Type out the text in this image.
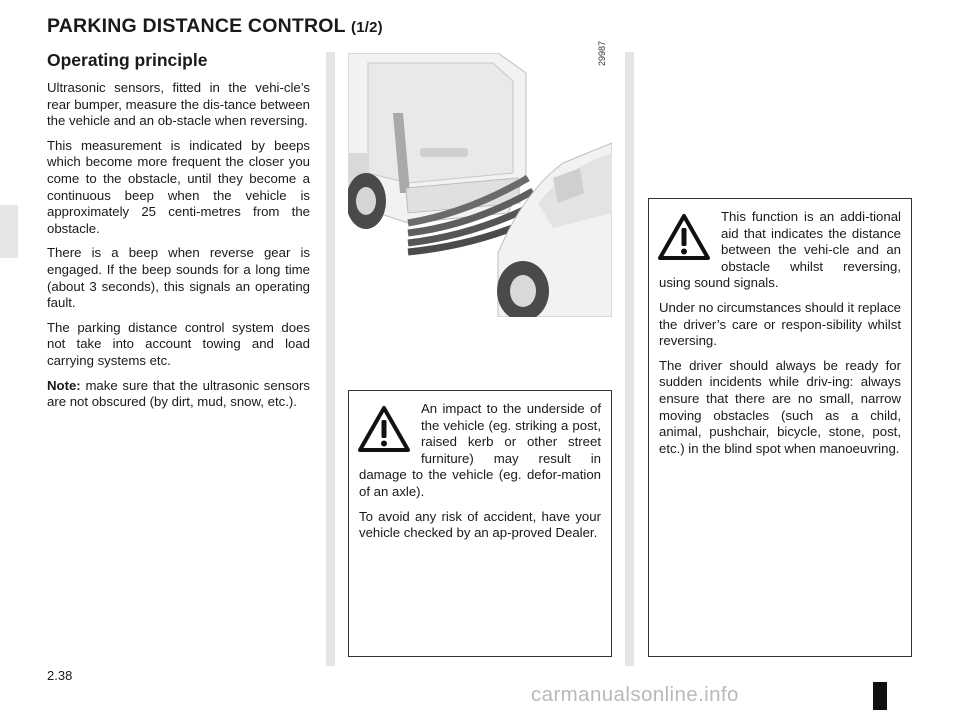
PARKING DISTANCE CONTROL (1/2)
Operating principle

Ultrasonic sensors, fitted in the vehi-cle’s rear bumper, measure the dis-tance between the vehicle and an ob-stacle when reversing.

This measurement is indicated by beeps which become more frequent the closer you come to the obstacle, until they become a continuous beep when the vehicle is approximately 25 centi-metres from the obstacle.

There is a beep when reverse gear is engaged. If the beep sounds for a long time (about 3 seconds), this signals an operating fault.

The parking distance control system does not take into account towing and load carrying systems etc.

Note: make sure that the ultrasonic sensors are not obscured (by dirt, mud, snow, etc.).

29987

An impact to the underside of the vehicle (eg. striking a post, raised kerb or other street furniture) may result in damage to the vehicle (eg. defor-mation of an axle).

To avoid any risk of accident, have your vehicle checked by an ap-proved Dealer.

This function is an addi-tional aid that indicates the distance between the vehi-cle and an obstacle whilst reversing, using sound signals.

Under no circumstances should it replace the driver’s care or respon-sibility whilst reversing.

The driver should always be ready for sudden incidents while driv-ing: always ensure that there are no small, narrow moving obstacles (such as a child, animal, pushchair, bicycle, stone, post, etc.) in the blind spot when manoeuvring.

2.38
carmanualsonline.info
